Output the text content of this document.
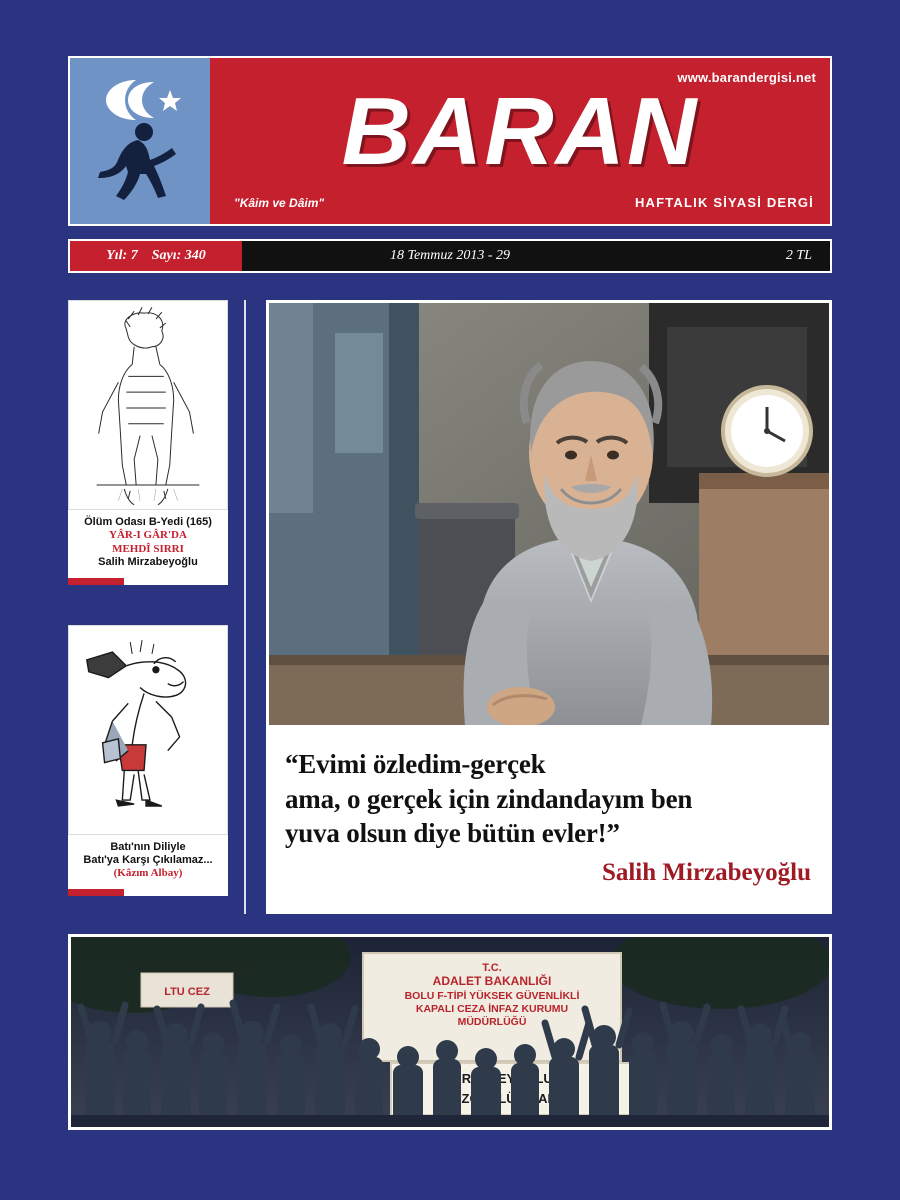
www.barandergisi.net
BARAN
"Kâim ve Dâim"	HAFTALIK SİYASİ DERGİ
18 Temmuz 2013 - 29
Yıl: 7 Sayı: 340	2 TL
Ölüm Odası B-Yedi (165)
YÂR-I GÂR'DA
MEHDÎ SIRRI
Salih Mirzabeyoğlu
Batı'nın Diliyle
Batı'ya Karşı Çıkılamaz...
(Kâzım Albay)
“Evimi özledim-gerçek
ama, o gerçek için zindandayım ben
yuva olsun diye bütün evler!”
Salih Mirzabeyoğlu
T.C.
ADALET BAKANLIĞI
BOLU F-TİPİ YÜKSEK GÜVENLİKLİ
KAPALI CEZA İNFAZ KURUMU
MÜDÜRLÜĞÜ
LTU CEZ
